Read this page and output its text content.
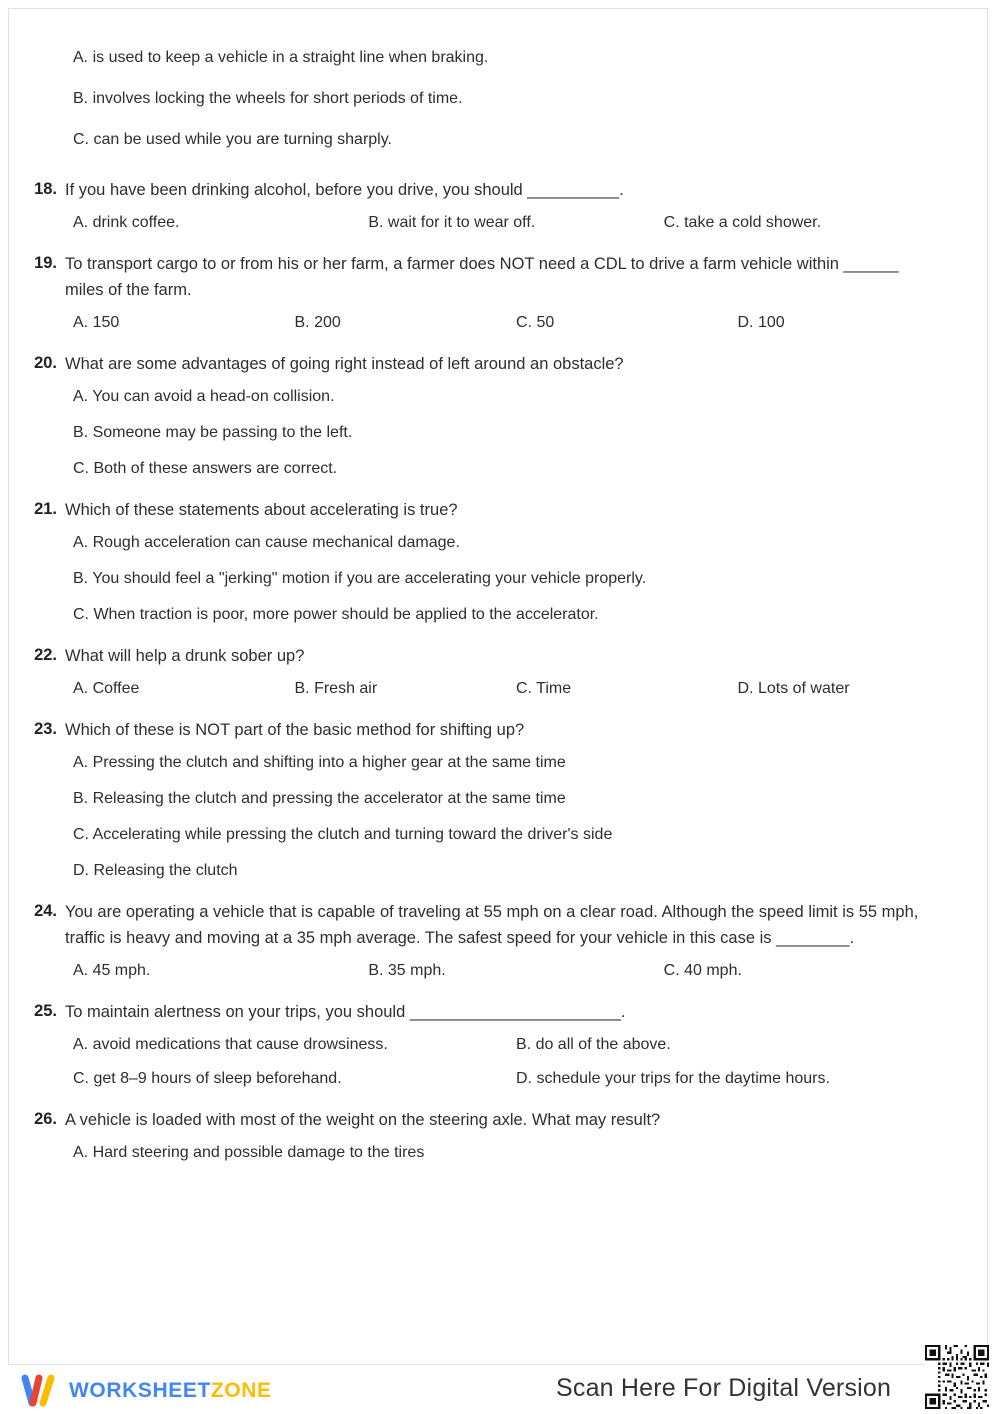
A. is used to keep a vehicle in a straight line when braking.
B. involves locking the wheels for short periods of time.
C. can be used while you are turning sharply.
18. If you have been drinking alcohol, before you drive, you should __________.
A. drink coffee.	B. wait for it to wear off.	C. take a cold shower.
19. To transport cargo to or from his or her farm, a farmer does NOT need a CDL to drive a farm vehicle within ______ miles of the farm.
A. 150	B. 200	C. 50	D. 100
20. What are some advantages of going right instead of left around an obstacle?
A. You can avoid a head-on collision.
B. Someone may be passing to the left.
C. Both of these answers are correct.
21. Which of these statements about accelerating is true?
A. Rough acceleration can cause mechanical damage.
B. You should feel a "jerking" motion if you are accelerating your vehicle properly.
C. When traction is poor, more power should be applied to the accelerator.
22. What will help a drunk sober up?
A. Coffee	B. Fresh air	C. Time	D. Lots of water
23. Which of these is NOT part of the basic method for shifting up?
A. Pressing the clutch and shifting into a higher gear at the same time
B. Releasing the clutch and pressing the accelerator at the same time
C. Accelerating while pressing the clutch and turning toward the driver's side
D. Releasing the clutch
24. You are operating a vehicle that is capable of traveling at 55 mph on a clear road. Although the speed limit is 55 mph, traffic is heavy and moving at a 35 mph average. The safest speed for your vehicle in this case is ________.
A. 45 mph.	B. 35 mph.	C. 40 mph.
25. To maintain alertness on your trips, you should _______________________.
A. avoid medications that cause drowsiness.	B. do all of the above.
C. get 8–9 hours of sleep beforehand.	D. schedule your trips for the daytime hours.
26. A vehicle is loaded with most of the weight on the steering axle. What may result?
A. Hard steering and possible damage to the tires
WORKSHEETZONE	Scan Here For Digital Version
